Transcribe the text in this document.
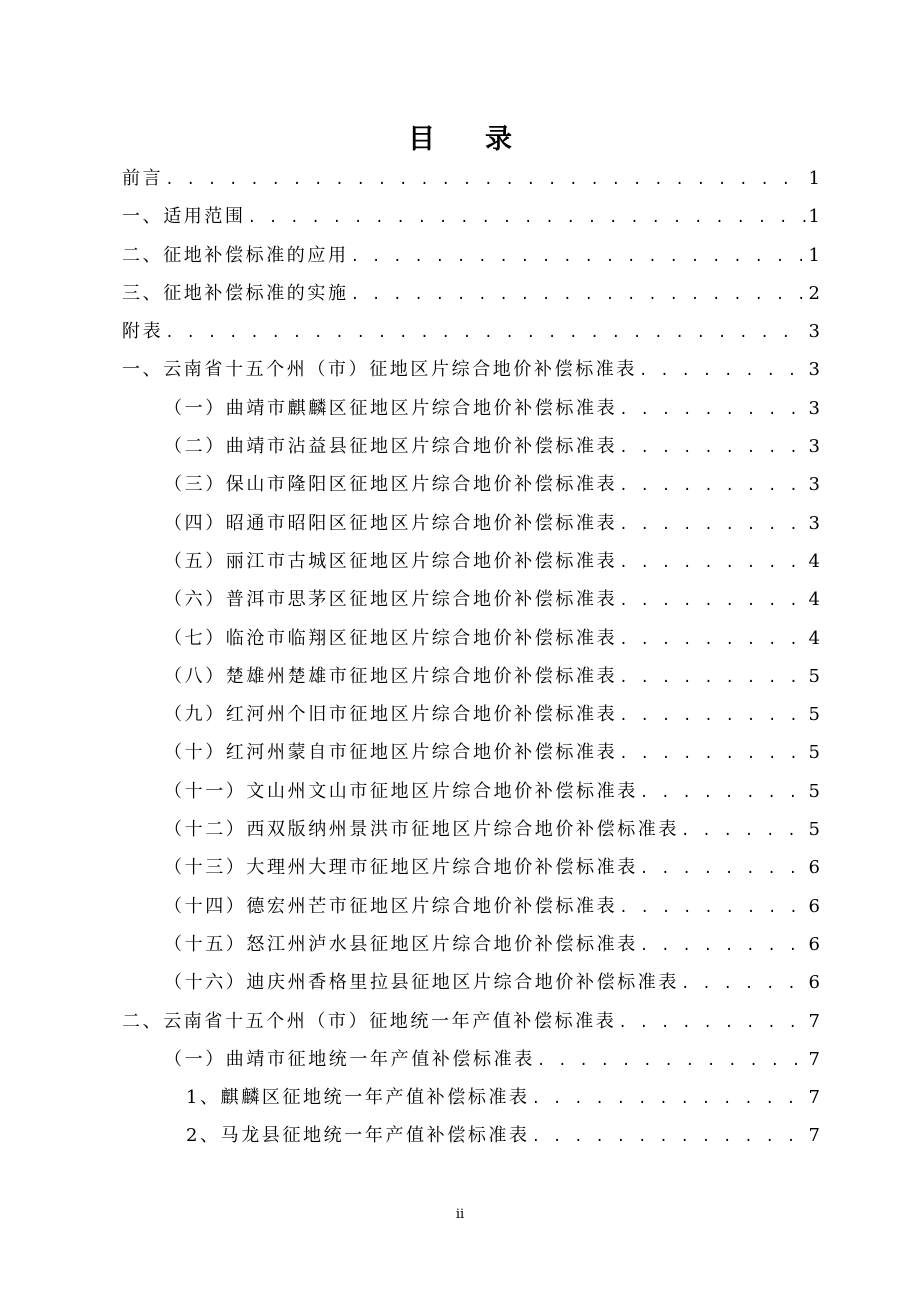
目 录
前言 . . .	1
一、适用范围 . . .	1
二、征地补偿标准的应用 . . .	1
三、征地补偿标准的实施 . . .	2
附表 . . .	3
一、云南省十五个州（市）征地区片综合地价补偿标准表 . . .	3
（一）曲靖市麒麟区征地区片综合地价补偿标准表 . . .	3
（二）曲靖市沾益县征地区片综合地价补偿标准表 . . .	3
（三）保山市隆阳区征地区片综合地价补偿标准表 . . .	3
（四）昭通市昭阳区征地区片综合地价补偿标准表 . . .	3
（五）丽江市古城区征地区片综合地价补偿标准表 . . .	4
（六）普洱市思茅区征地区片综合地价补偿标准表 . . .	4
（七）临沧市临翔区征地区片综合地价补偿标准表 . . .	4
（八）楚雄州楚雄市征地区片综合地价补偿标准表 . . .	5
（九）红河州个旧市征地区片综合地价补偿标准表 . . .	5
（十）红河州蒙自市征地区片综合地价补偿标准表 . . .	5
（十一）文山州文山市征地区片综合地价补偿标准表 . . .	5
（十二）西双版纳州景洪市征地区片综合地价补偿标准表 . . .	5
（十三）大理州大理市征地区片综合地价补偿标准表 . . .	6
（十四）德宏州芒市征地区片综合地价补偿标准表 . . .	6
（十五）怒江州泸水县征地区片综合地价补偿标准表 . . .	6
（十六）迪庆州香格里拉县征地区片综合地价补偿标准表 . . .	6
二、云南省十五个州（市）征地统一年产值补偿标准表 . . .	7
（一）曲靖市征地统一年产值补偿标准表 . . .	7
1、麒麟区征地统一年产值补偿标准表 . . .	7
2、马龙县征地统一年产值补偿标准表 . . .	7
ii
